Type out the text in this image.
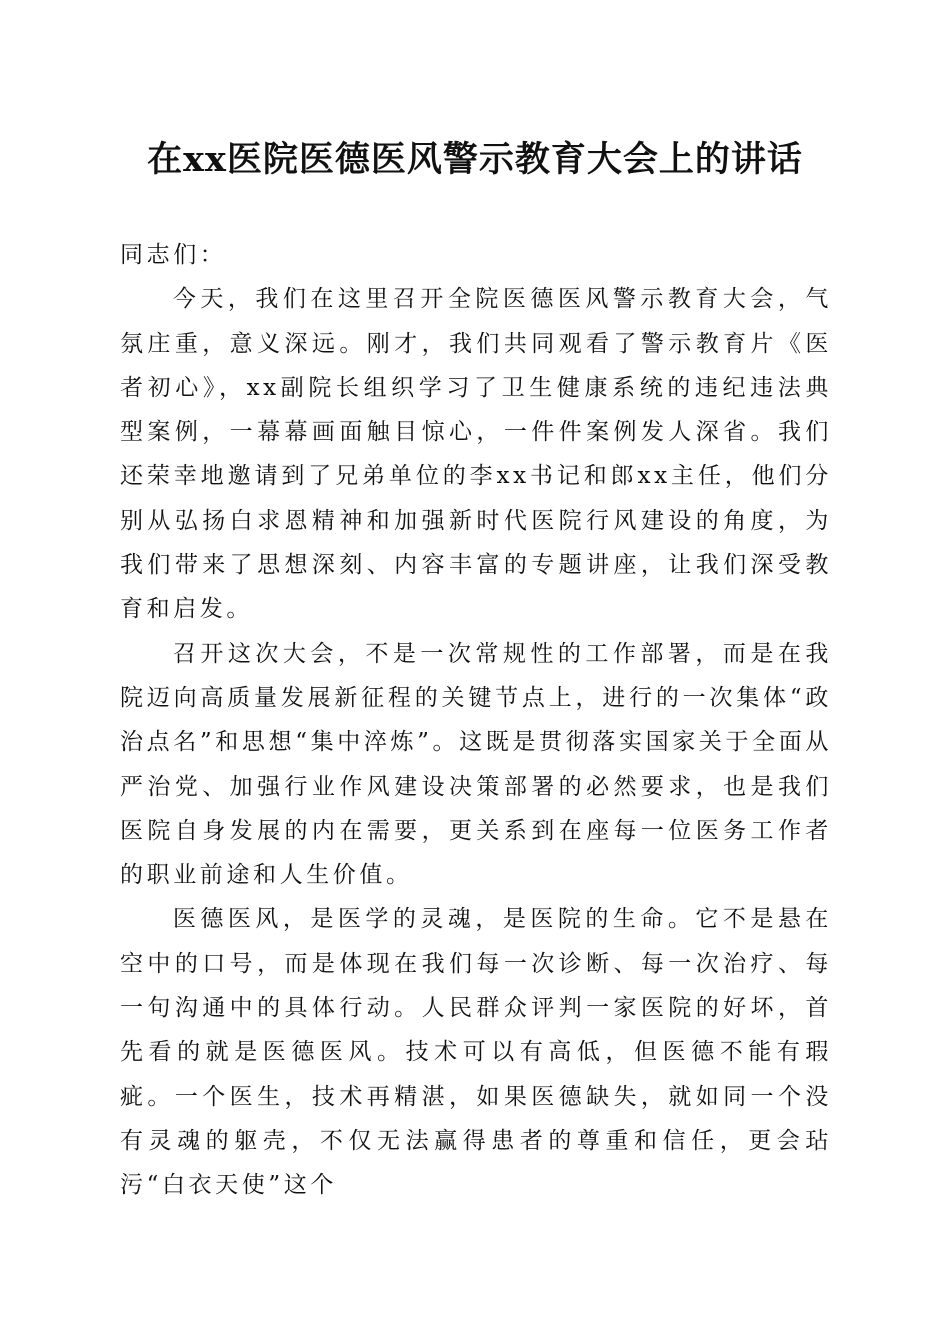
在xx医院医德医风警示教育大会上的讲话

同志们：

今天，我们在这里召开全院医德医风警示教育大会，气氛庄重，意义深远。刚才，我们共同观看了警示教育片《医者初心》，xx副院长组织学习了卫生健康系统的违纪违法典型案例，一幕幕画面触目惊心，一件件案例发人深省。我们还荣幸地邀请到了兄弟单位的李xx书记和郎xx主任，他们分别从弘扬白求恩精神和加强新时代医院行风建设的角度，为我们带来了思想深刻、内容丰富的专题讲座，让我们深受教育和启发。

召开这次大会，不是一次常规性的工作部署，而是在我院迈向高质量发展新征程的关键节点上，进行的一次集体“政治点名”和思想“集中淬炼”。这既是贯彻落实国家关于全面从严治党、加强行业作风建设决策部署的必然要求，也是我们医院自身发展的内在需要，更关系到在座每一位医务工作者的职业前途和人生价值。

医德医风，是医学的灵魂，是医院的生命。它不是悬在空中的口号，而是体现在我们每一次诊断、每一次治疗、每一句沟通中的具体行动。人民群众评判一家医院的好坏，首先看的就是医德医风。技术可以有高低，但医德不能有瑕疵。一个医生，技术再精湛，如果医德缺失，就如同一个没有灵魂的躯壳，不仅无法赢得患者的尊重和信任，更会玷污“白衣天使”这个
